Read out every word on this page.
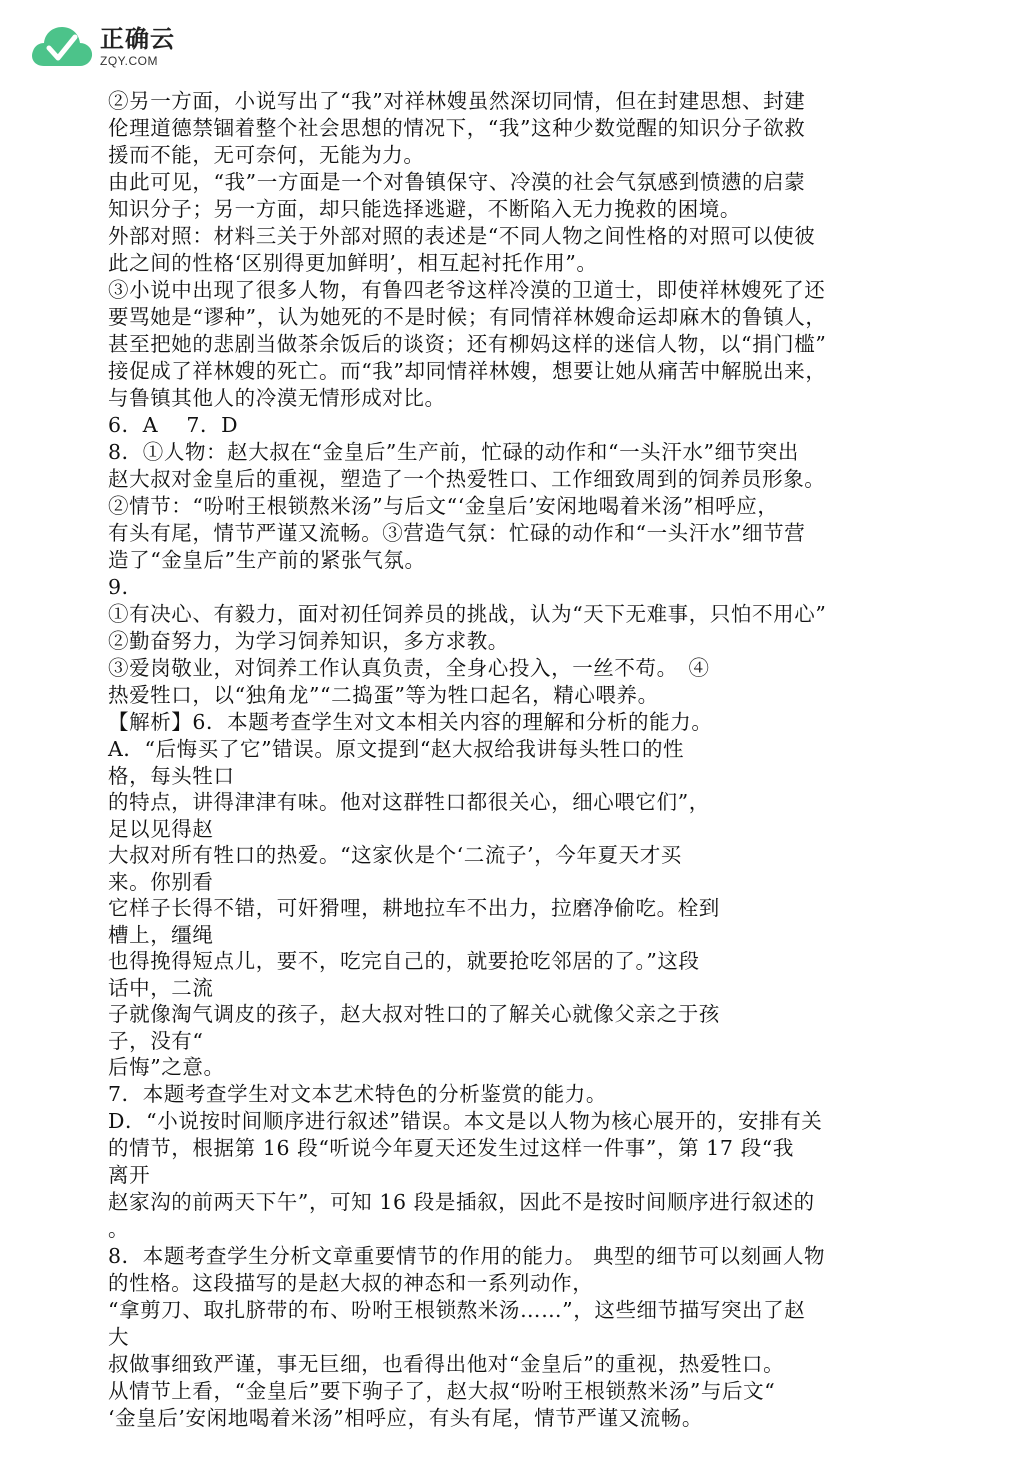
正确云
ZQY.COM
②另一方面，小说写出了“我”对祥林嫂虽然深切同情，但在封建思想、封建
伦理道德禁锢着整个社会思想的情况下，“我”这种少数觉醒的知识分子欲救
援而不能，无可奈何，无能为力。
由此可见，“我”一方面是一个对鲁镇保守、冷漠的社会气氛感到愤懑的启蒙
知识分子；另一方面，却只能选择逃避，不断陷入无力挽救的困境。
外部对照：材料三关于外部对照的表述是“不同人物之间性格的对照可以使彼
此之间的性格‘区别得更加鲜明’，相互起衬托作用”。
③小说中出现了很多人物，有鲁四老爷这样冷漠的卫道士，即使祥林嫂死了还
要骂她是“谬种”，认为她死的不是时候；有同情祥林嫂命运却麻木的鲁镇人，
甚至把她的悲剧当做茶余饭后的谈资；还有柳妈这样的迷信人物，以“捐门槛”
接促成了祥林嫂的死亡。而“我”却同情祥林嫂，想要让她从痛苦中解脱出来，
与鲁镇其他人的冷漠无情形成对比。
6．A　 7．D
8．①人物：赵大叔在“金皇后”生产前，忙碌的动作和“一头汗水”细节突出
赵大叔对金皇后的重视，塑造了一个热爱牲口、工作细致周到的饲养员形象。
②情节：“吩咐王根锁熬米汤”与后文“‘金皇后’安闲地喝着米汤”相呼应，
有头有尾，情节严谨又流畅。③营造气氛：忙碌的动作和“一头汗水”细节营
造了“金皇后”生产前的紧张气氛。
9．
①有决心、有毅力，面对初任饲养员的挑战，认为“天下无难事，只怕不用心”
②勤奋努力，为学习饲养知识，多方求教。
③爱岗敬业，对饲养工作认真负责，全身心投入，一丝不苟。　④
热爱牲口，以“独角龙”“二捣蛋”等为牲口起名，精心喂养。
【解析】6．本题考查学生对文本相关内容的理解和分析的能力。
A．“后悔买了它”错误。原文提到“赵大叔给我讲每头牲口的性
格，每头牲口
的特点，讲得津津有味。他对这群牲口都很关心，细心喂它们”，
足以见得赵
大叔对所有牲口的热爱。“这家伙是个‘二流子’，今年夏天才买
来。你别看
它样子长得不错，可奸猾哩，耕地拉车不出力，拉磨净偷吃。栓到
槽上，缰绳
也得挽得短点儿，要不，吃完自己的，就要抢吃邻居的了。”这段
话中，二流
子就像淘气调皮的孩子，赵大叔对牲口的了解关心就像父亲之于孩
子，没有“
后悔”之意。
7．本题考查学生对文本艺术特色的分析鉴赏的能力。
D．“小说按时间顺序进行叙述”错误。本文是以人物为核心展开的，安排有关
的情节，根据第 16 段“听说今年夏天还发生过这样一件事”，第 17 段“我
离开
赵家沟的前两天下午”，可知 16 段是插叙，因此不是按时间顺序进行叙述的
。
8．本题考查学生分析文章重要情节的作用的能力。 典型的细节可以刻画人物
的性格。这段描写的是赵大叔的神态和一系列动作，
“拿剪刀、取扎脐带的布、吩咐王根锁熬米汤……”，这些细节描写突出了赵
大
叔做事细致严谨，事无巨细，也看得出他对“金皇后”的重视，热爱牲口。
从情节上看，“金皇后”要下驹子了，赵大叔“吩咐王根锁熬米汤”与后文“
‘金皇后’安闲地喝着米汤”相呼应，有头有尾，情节严谨又流畅。
